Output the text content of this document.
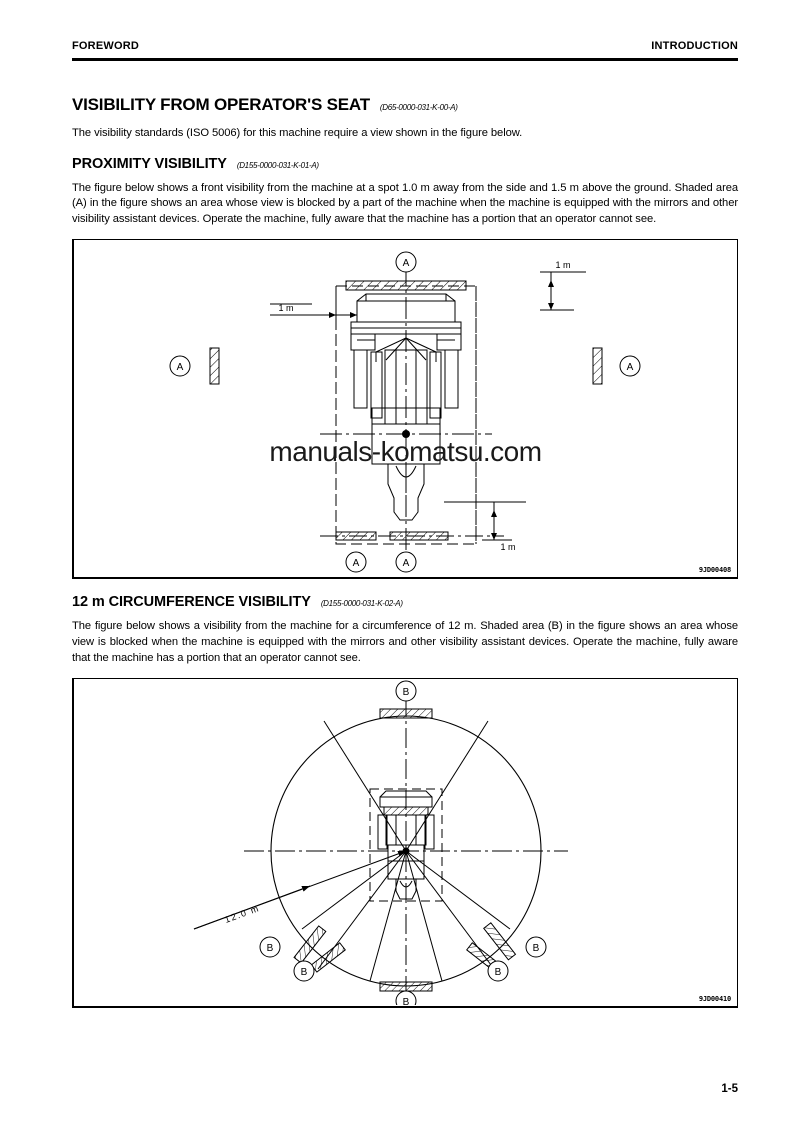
FOREWORD	INTRODUCTION
VISIBILITY FROM OPERATOR'S SEAT (D65-0000-031-K-00-A)

The visibility standards (ISO 5006) for this machine require a view shown in the figure below.

PROXIMITY VISIBILITY (D155-0000-031-K-01-A)

The figure below shows a front visibility from the machine at a spot 1.0 m away from the side and 1.5 m above the ground. Shaded area (A) in the figure shows an area whose view is blocked by a part of the machine when the machine is equipped with the mirrors and other visibility assistant devices. Operate the machine, fully aware that the machine has a portion that an operator cannot see.

1 m
1 m
1 m
A
A	A
A	A
manuals-komatsu.com
9JD00408
12 m CIRCUMFERENCE VISIBILITY (D155-0000-031-K-02-A)

The figure below shows a visibility from the machine for a circumference of 12 m. Shaded area (B) in the figure shows an area whose view is blocked when the machine is equipped with the mirrors and other visibility assistant devices. Operate the machine, fully aware that the machine has a portion that an operator cannot see.

12.0 m
B
B
B
B
B
B
9JD00410
1-5
